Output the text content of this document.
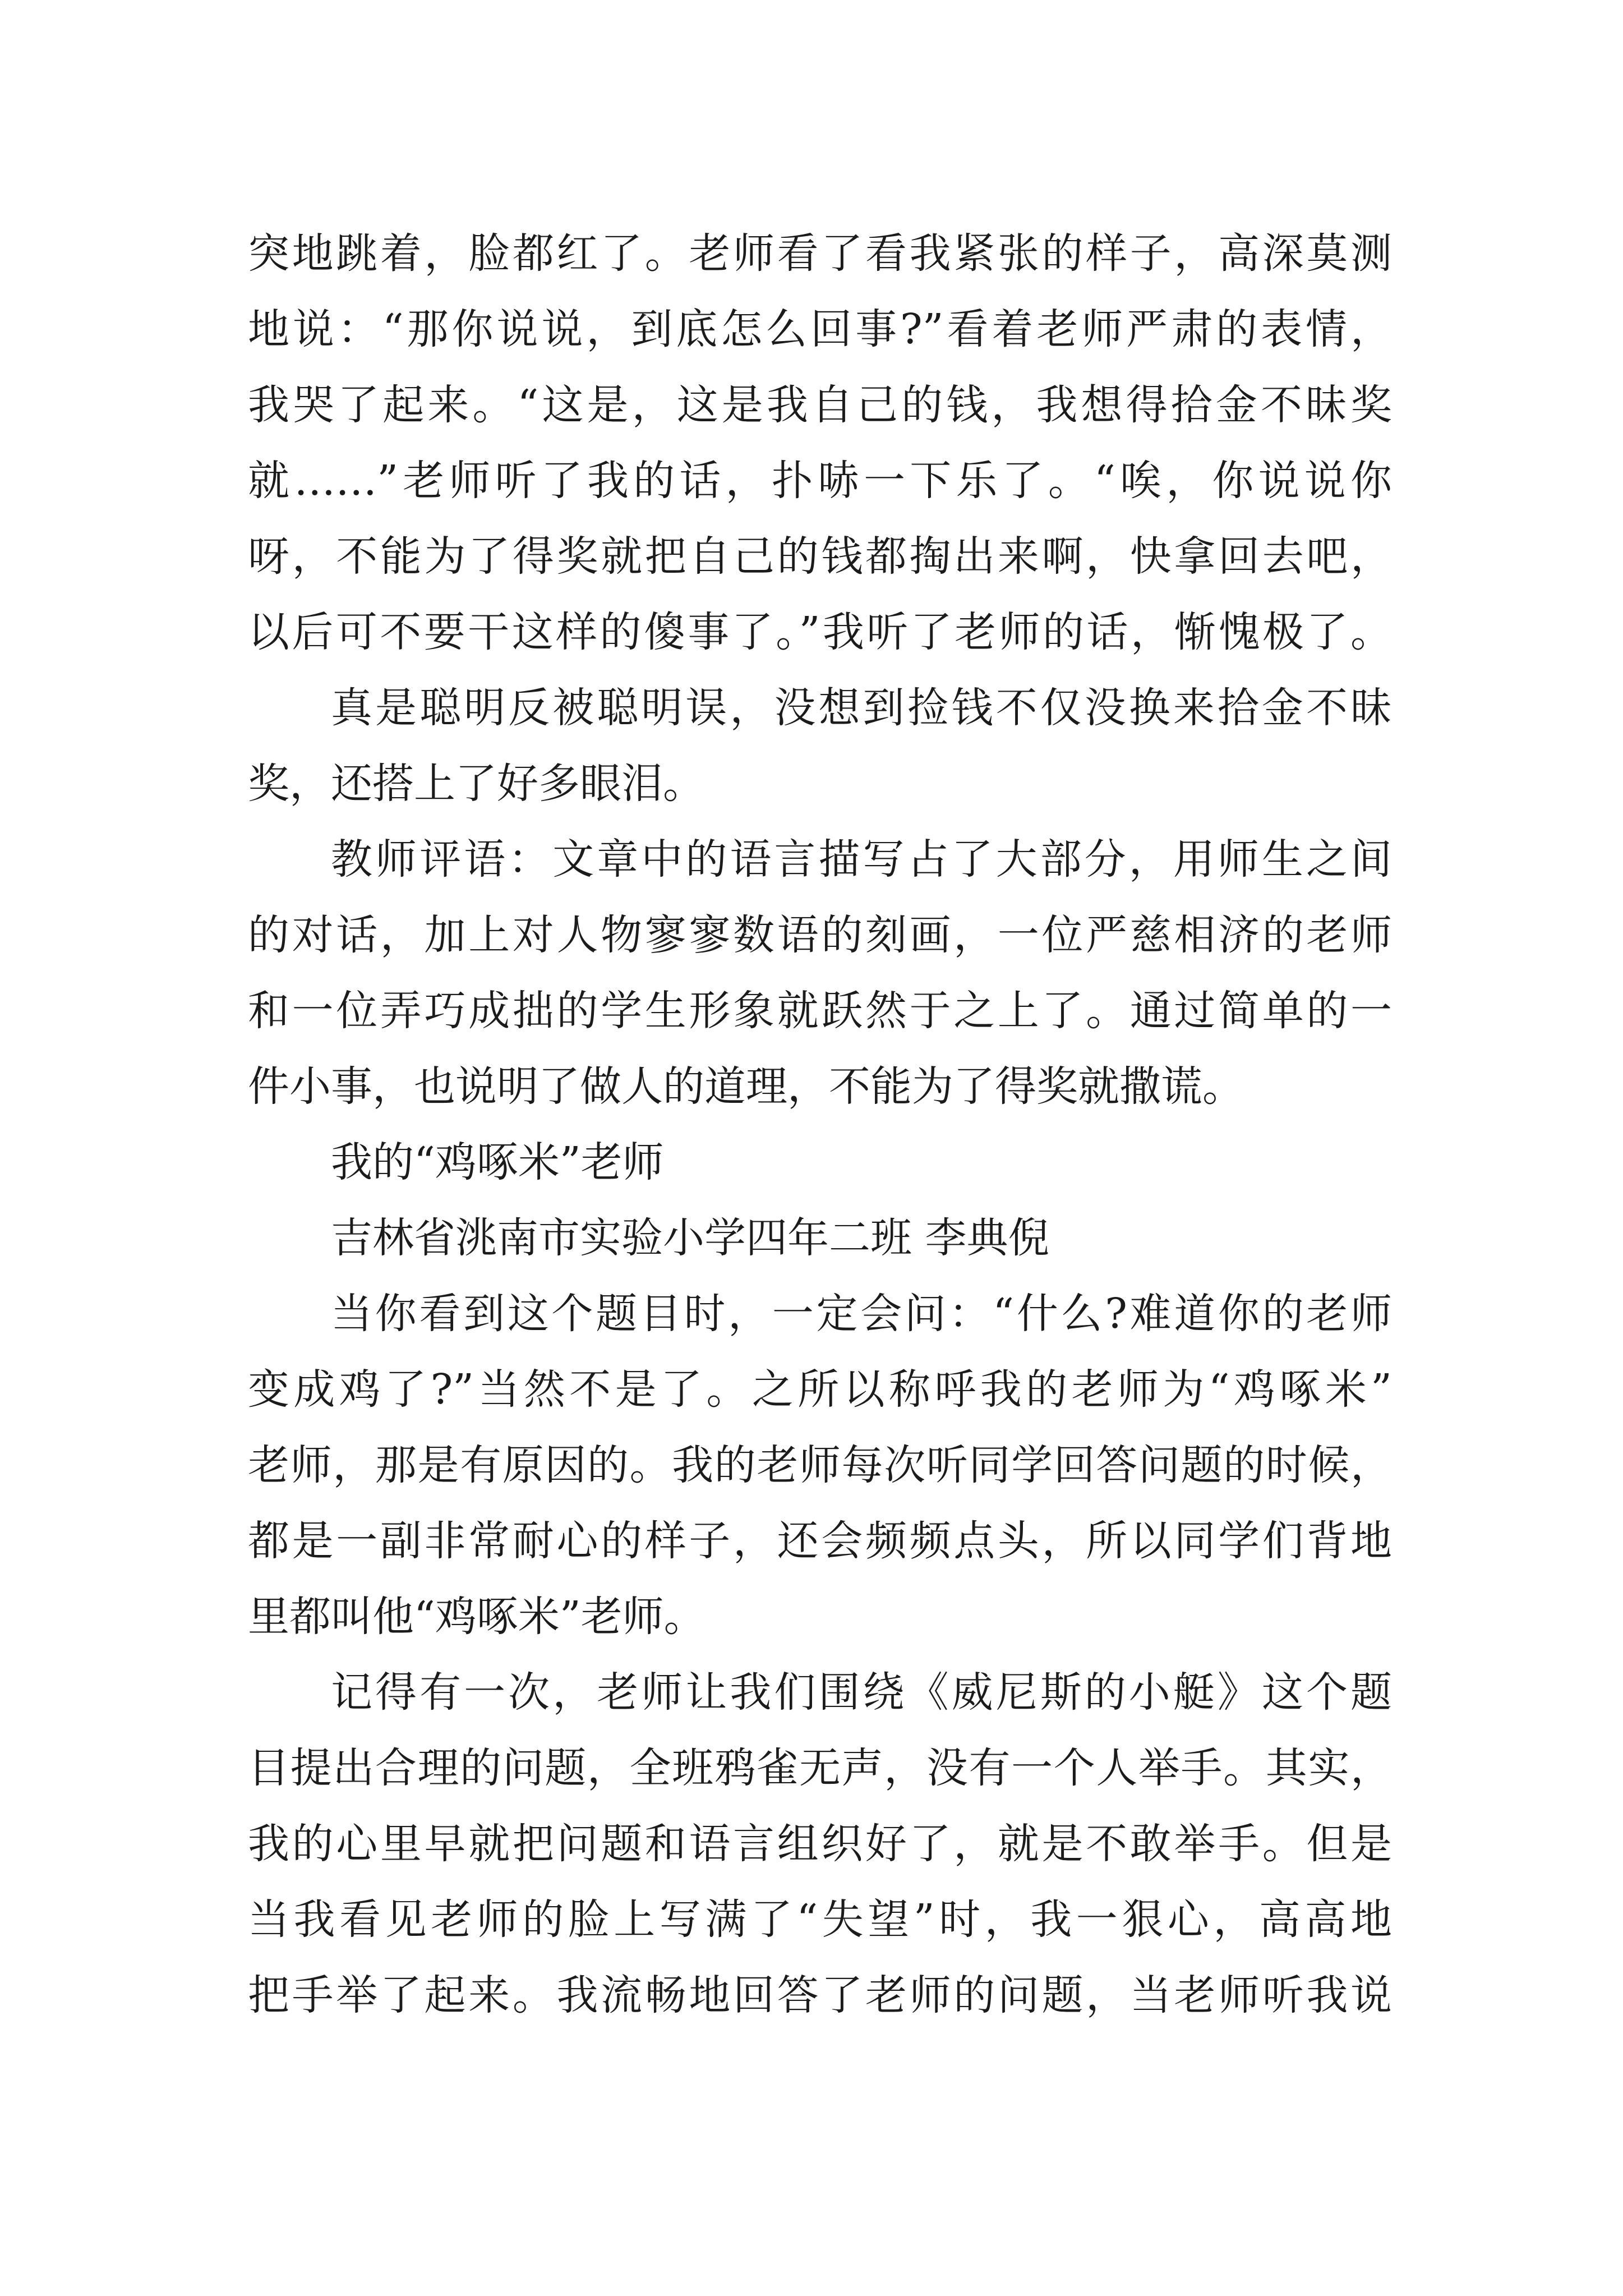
突地跳着，脸都红了。老师看了看我紧张的样子，高深莫测
地说：“那你说说，到底怎么回事?”看着老师严肃的表情，
我哭了起来。“这是，这是我自己的钱，我想得拾金不昧奖
就……”老师听了我的话，扑哧一下乐了。“唉，你说说你
呀，不能为了得奖就把自己的钱都掏出来啊，快拿回去吧，
以后可不要干这样的傻事了。”我听了老师的话，惭愧极了。
真是聪明反被聪明误，没想到捡钱不仅没换来拾金不昧
奖，还搭上了好多眼泪。
教师评语：文章中的语言描写占了大部分，用师生之间
的对话，加上对人物寥寥数语的刻画，一位严慈相济的老师
和一位弄巧成拙的学生形象就跃然于之上了。通过简单的一
件小事，也说明了做人的道理，不能为了得奖就撒谎。
我的“鸡啄米”老师
吉林省洮南市实验小学四年二班 李典倪
当你看到这个题目时，一定会问：“什么?难道你的老师
变成鸡了?”当然不是了。之所以称呼我的老师为“鸡啄米”
老师，那是有原因的。我的老师每次听同学回答问题的时候，
都是一副非常耐心的样子，还会频频点头，所以同学们背地
里都叫他“鸡啄米”老师。
记得有一次，老师让我们围绕《威尼斯的小艇》这个题
目提出合理的问题，全班鸦雀无声，没有一个人举手。其实，
我的心里早就把问题和语言组织好了，就是不敢举手。但是
当我看见老师的脸上写满了“失望”时，我一狠心，高高地
把手举了起来。我流畅地回答了老师的问题，当老师听我说
